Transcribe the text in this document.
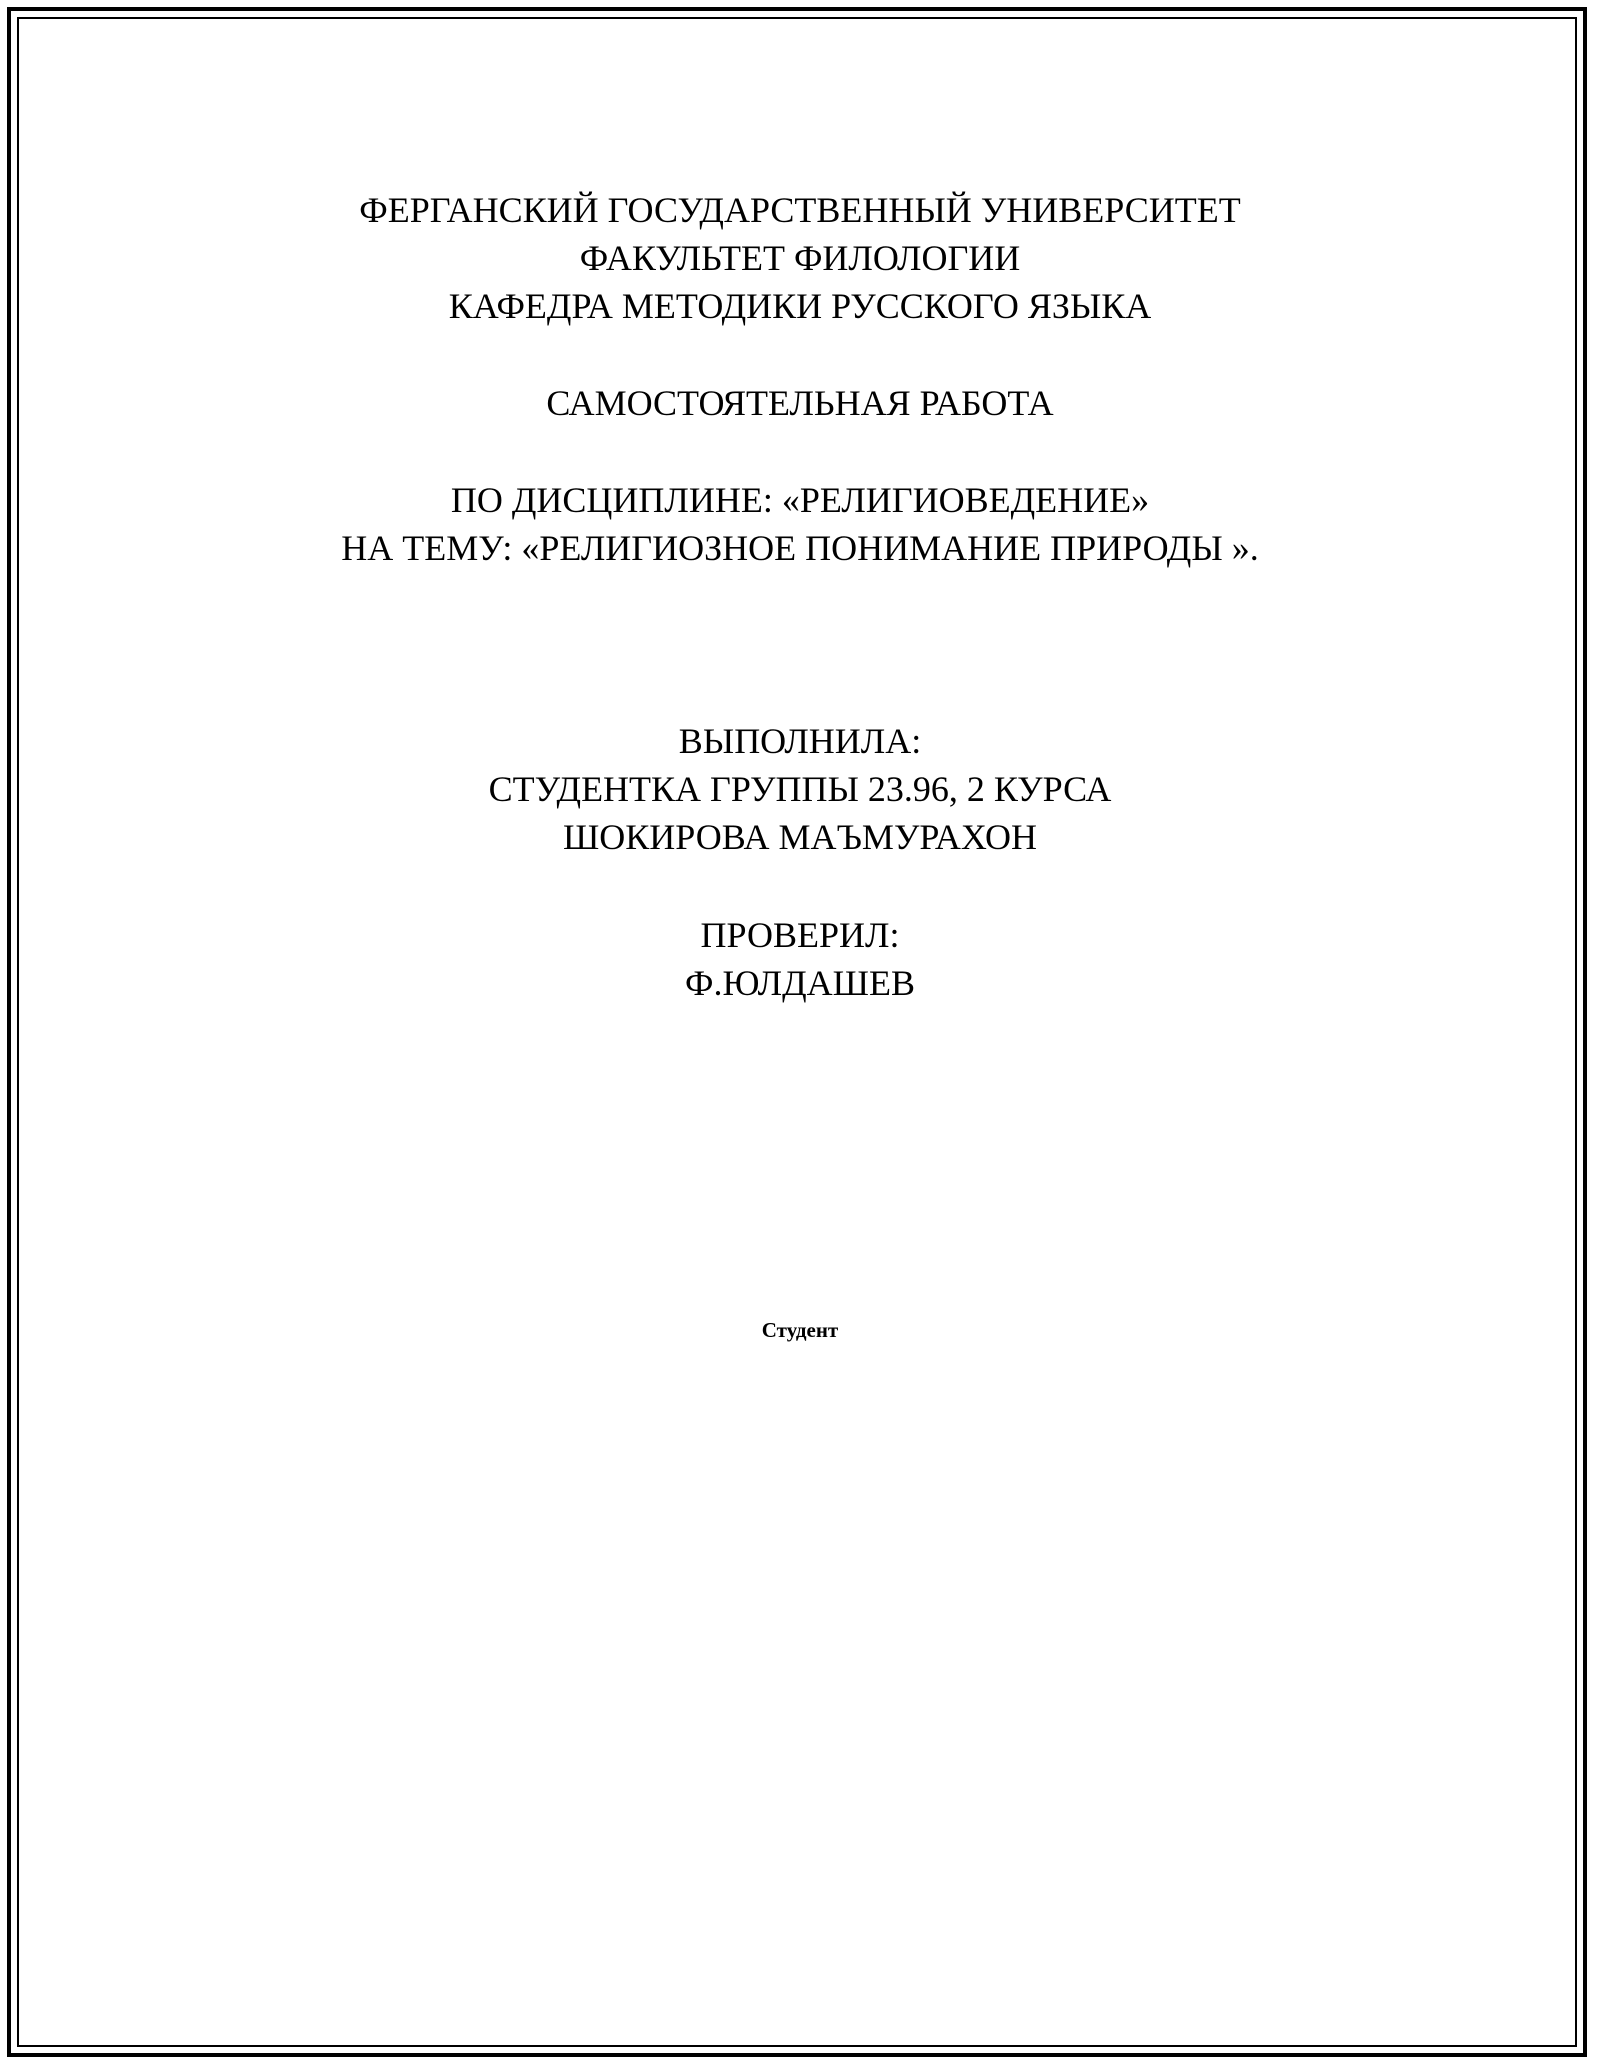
ФЕРГАНСКИЙ ГОСУДАРСТВЕННЫЙ УНИВЕРСИТЕТ
ФАКУЛЬТЕТ ФИЛОЛОГИИ
КАФЕДРА МЕТОДИКИ РУССКОГО ЯЗЫКА
САМОСТОЯТЕЛЬНАЯ РАБОТА
ПО ДИСЦИПЛИНЕ: «РЕЛИГИОВЕДЕНИЕ»
НА ТЕМУ: «РЕЛИГИОЗНОЕ ПОНИМАНИЕ ПРИРОДЫ ».
ВЫПОЛНИЛА:
СТУДЕНТКА ГРУППЫ 23.96, 2 КУРСА
ШОКИРОВА МАЪМУРАХОН
ПРОВЕРИЛ:
Ф.ЮЛДАШЕВ
Студент
